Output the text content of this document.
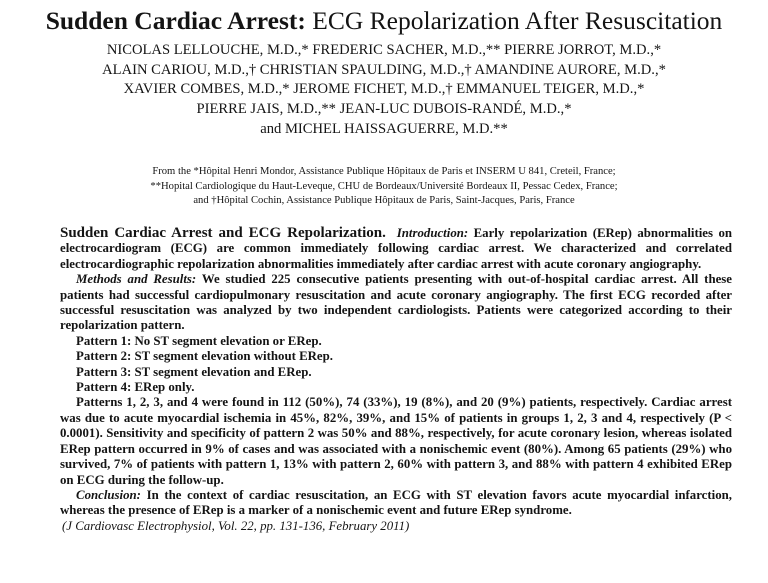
Sudden Cardiac Arrest: ECG Repolarization After Resuscitation
NICOLAS LELLOUCHE, M.D.,* FREDERIC SACHER, M.D.,** PIERRE JORROT, M.D.,*
ALAIN CARIOU, M.D.,† CHRISTIAN SPAULDING, M.D.,† AMANDINE AURORE, M.D.,*
XAVIER COMBES, M.D.,* JEROME FICHET, M.D.,† EMMANUEL TEIGER, M.D.,*
PIERRE JAIS, M.D.,** JEAN-LUC DUBOIS-RANDÉ, M.D.,*
and MICHEL HAISSAGUERRE, M.D.**
From the *Hôpital Henri Mondor, Assistance Publique Hôpitaux de Paris et INSERM U 841, Creteil, France;
**Hopital Cardiologique du Haut-Leveque, CHU de Bordeaux/Université Bordeaux II, Pessac Cedex, France;
and †Hôpital Cochin, Assistance Publique Hôpitaux de Paris, Saint-Jacques, Paris, France

Sudden Cardiac Arrest and ECG Repolarization. Introduction: Early repolarization (ERep) abnormalities on electrocardiogram (ECG) are common immediately following cardiac arrest. We characterized and correlated electrocardiographic repolarization abnormalities immediately after cardiac arrest with acute coronary angiography.

Methods and Results: We studied 225 consecutive patients presenting with out-of-hospital cardiac arrest. All these patients had successful cardiopulmonary resuscitation and acute coronary angiography. The first ECG recorded after successful resuscitation was analyzed by two independent cardiologists. Patients were categorized according to their repolarization pattern.

Pattern 1: No ST segment elevation or ERep.

Pattern 2: ST segment elevation without ERep.

Pattern 3: ST segment elevation and ERep.

Pattern 4: ERep only.

Patterns 1, 2, 3, and 4 were found in 112 (50%), 74 (33%), 19 (8%), and 20 (9%) patients, respectively. Cardiac arrest was due to acute myocardial ischemia in 45%, 82%, 39%, and 15% of patients in groups 1, 2, 3 and 4, respectively (P < 0.0001). Sensitivity and specificity of pattern 2 was 50% and 88%, respectively, for acute coronary lesion, whereas isolated ERep pattern occurred in 9% of cases and was associated with a nonischemic event (80%). Among 65 patients (29%) who survived, 7% of patients with pattern 1, 13% with pattern 2, 60% with pattern 3, and 88% with pattern 4 exhibited ERep on ECG during the follow-up.

Conclusion: In the context of cardiac resuscitation, an ECG with ST elevation favors acute myocardial infarction, whereas the presence of ERep is a marker of a nonischemic event and future ERep syndrome.

(J Cardiovasc Electrophysiol, Vol. 22, pp. 131-136, February 2011)
